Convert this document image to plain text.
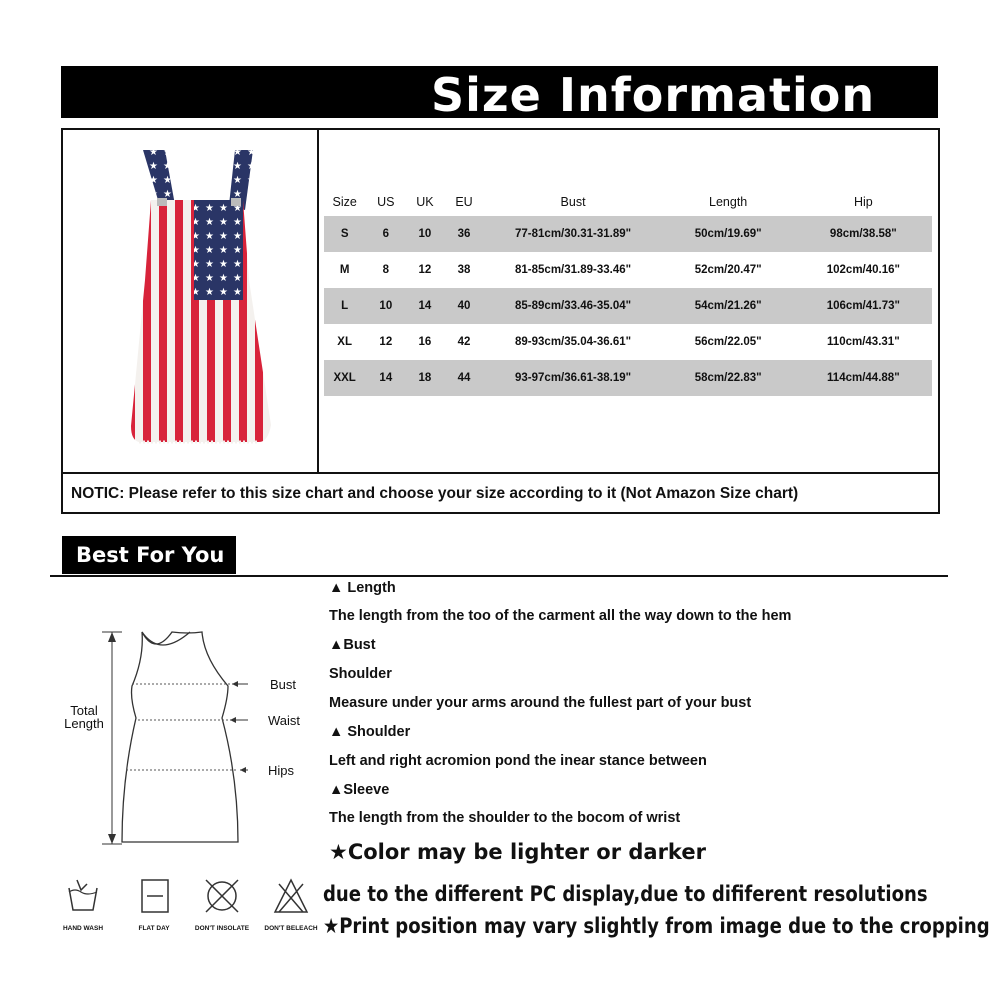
Size Information
NOTIC: Please refer to this size chart and choose your size according to it (Not Amazon Size chart)
Size	US	UK	EU	Bust	Length	Hip
S	6	10	36	77-81cm/30.31-31.89"	50cm/19.69"	98cm/38.58"
M	8	12	38	81-85cm/31.89-33.46"	52cm/20.47"	102cm/40.16"
L	10	14	40	85-89cm/33.46-35.04"	54cm/21.26"	106cm/41.73"
XL	12	16	42	89-93cm/35.04-36.61"	56cm/22.05"	110cm/43.31"
XXL	14	18	44	93-97cm/36.61-38.19"	58cm/22.83"	114cm/44.88"
Best For You
▲ Length
The length from the too of the carment all the way down to the hem
▲Bust
Shoulder
Measure under your arms around the fullest part of your bust
▲ Shoulder
Left and right acromion pond the inear stance between
▲Sleeve
The length from the shoulder to the bocom of wrist
★Color may be lighter or darker
due to the different PC display,due to dififerent resolutions
★Print position may vary slightly from image due to the cropping
Total
Length
Bust
Waist
Hips
HAND WASH	FLAT DAY	DON'T INSOLATE	DON'T BELEACH
